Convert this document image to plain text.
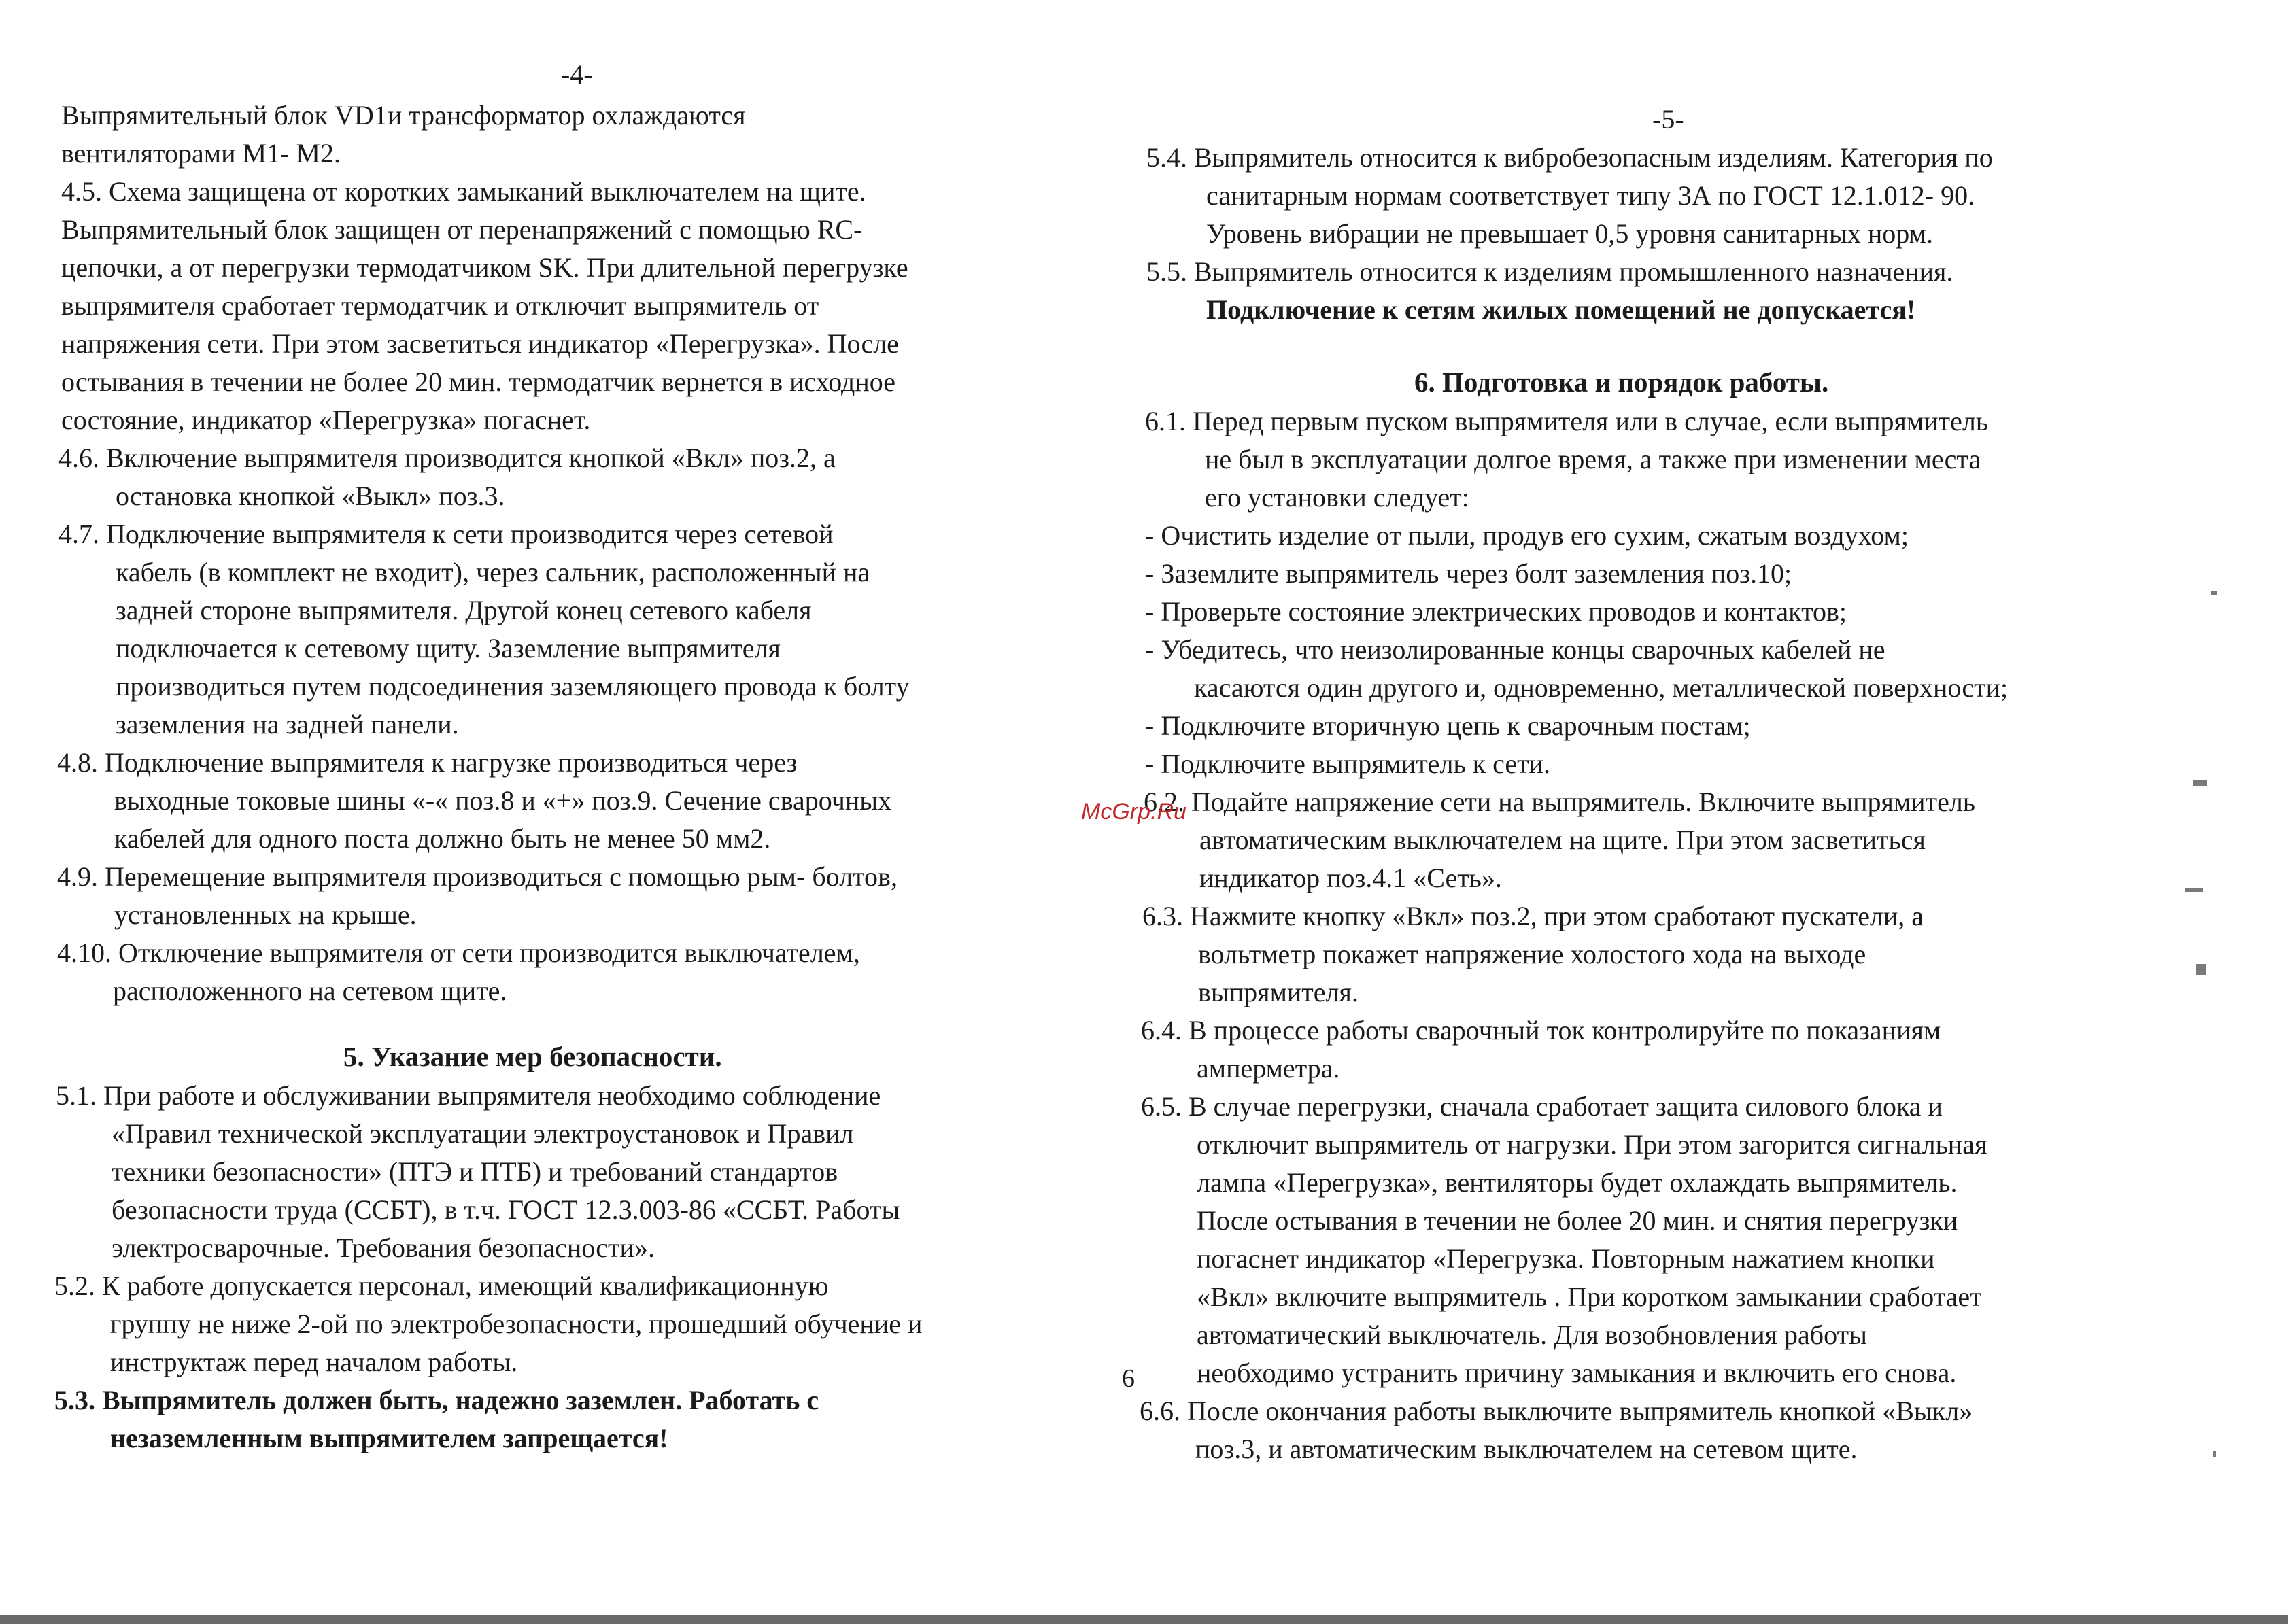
-4-
Выпрямительный блок VD1и трансформатор охлаждаются
вентиляторами М1- М2.
4.5. Схема защищена от коротких замыканий выключателем на щите.
Выпрямительный блок защищен от перенапряжений с помощью RC-
цепочки, а от перегрузки термодатчиком SK. При длительной перегрузке
выпрямителя сработает термодатчик и отключит выпрямитель от
напряжения сети. При этом засветиться индикатор «Перегрузка». После
остывания в течении не более 20 мин. термодатчик вернется в исходное
состояние, индикатор «Перегрузка» погаснет.
4.6. Включение выпрямителя производится кнопкой «Вкл» поз.2, а
остановка кнопкой «Выкл» поз.3.
4.7. Подключение выпрямителя к сети производится через сетевой
кабель (в комплект не входит), через сальник, расположенный на
задней стороне выпрямителя. Другой конец сетевого кабеля
подключается к сетевому щиту. Заземление выпрямителя
производиться путем подсоединения заземляющего провода к болту
заземления на задней панели.
4.8. Подключение выпрямителя к нагрузке производиться через
выходные токовые шины «-« поз.8 и «+» поз.9. Сечение сварочных
кабелей для одного поста должно быть не менее 50 мм2.
4.9. Перемещение выпрямителя производиться с помощью рым- болтов,
установленных на крыше.
4.10. Отключение выпрямителя от сети производится выключателем,
расположенного на сетевом щите.
5. Указание мер безопасности.
5.1. При работе и обслуживании выпрямителя необходимо соблюдение
«Правил технической эксплуатации электроустановок и Правил
техники безопасности» (ПТЭ и ПТБ) и требований стандартов
безопасности труда (ССБТ), в т.ч. ГОСТ 12.3.003-86 «ССБТ. Работы
электросварочные. Требования безопасности».
5.2. К работе допускается персонал, имеющий квалификационную
группу не ниже 2-ой по электробезопасности, прошедший обучение и
инструктаж перед началом работы.
5.3. Выпрямитель должен быть, надежно заземлен. Работать с
незаземленным выпрямителем запрещается!
-5-
5.4. Выпрямитель относится к вибробезопасным изделиям. Категория по
санитарным нормам соответствует типу 3А по ГОСТ 12.1.012- 90.
Уровень вибрации не превышает 0,5 уровня санитарных норм.
5.5. Выпрямитель относится к изделиям промышленного назначения.
Подключение к сетям жилых помещений не допускается!
6. Подготовка и порядок работы.
6.1. Перед первым пуском выпрямителя или в случае, если выпрямитель
не был в эксплуатации долгое время, а также при изменении места
его установки следует:
- Очистить изделие от пыли, продув его сухим, сжатым воздухом;
- Заземлите выпрямитель через болт заземления поз.10;
- Проверьте состояние электрических проводов и контактов;
- Убедитесь, что неизолированные концы сварочных кабелей не
касаются один другого и, одновременно, металлической поверхности;
- Подключите вторичную цепь к сварочным постам;
- Подключите выпрямитель к сети.
6.2. Подайте напряжение сети на выпрямитель. Включите выпрямитель
автоматическим выключателем на щите. При этом засветиться
индикатор поз.4.1 «Сеть».
6.3. Нажмите кнопку «Вкл» поз.2, при этом сработают пускатели, а
вольтметр покажет напряжение холостого хода на выходе
выпрямителя.
6.4. В процессе работы сварочный ток контролируйте по показаниям
амперметра.
6.5. В случае перегрузки, сначала сработает защита силового блока и
отключит выпрямитель от нагрузки. При этом загорится сигнальная
лампа «Перегрузка», вентиляторы будет охлаждать выпрямитель.
После остывания в течении не более 20 мин. и снятия перегрузки
погаснет индикатор «Перегрузка. Повторным нажатием кнопки
«Вкл» включите выпрямитель . При коротком замыкании сработает
автоматический выключатель. Для возобновления работы
необходимо устранить причину замыкания и включить его снова.
6.6. После окончания работы выключите выпрямитель кнопкой «Выкл»
поз.3, и автоматическим выключателем на сетевом щите.
McGrp.Ru
6
